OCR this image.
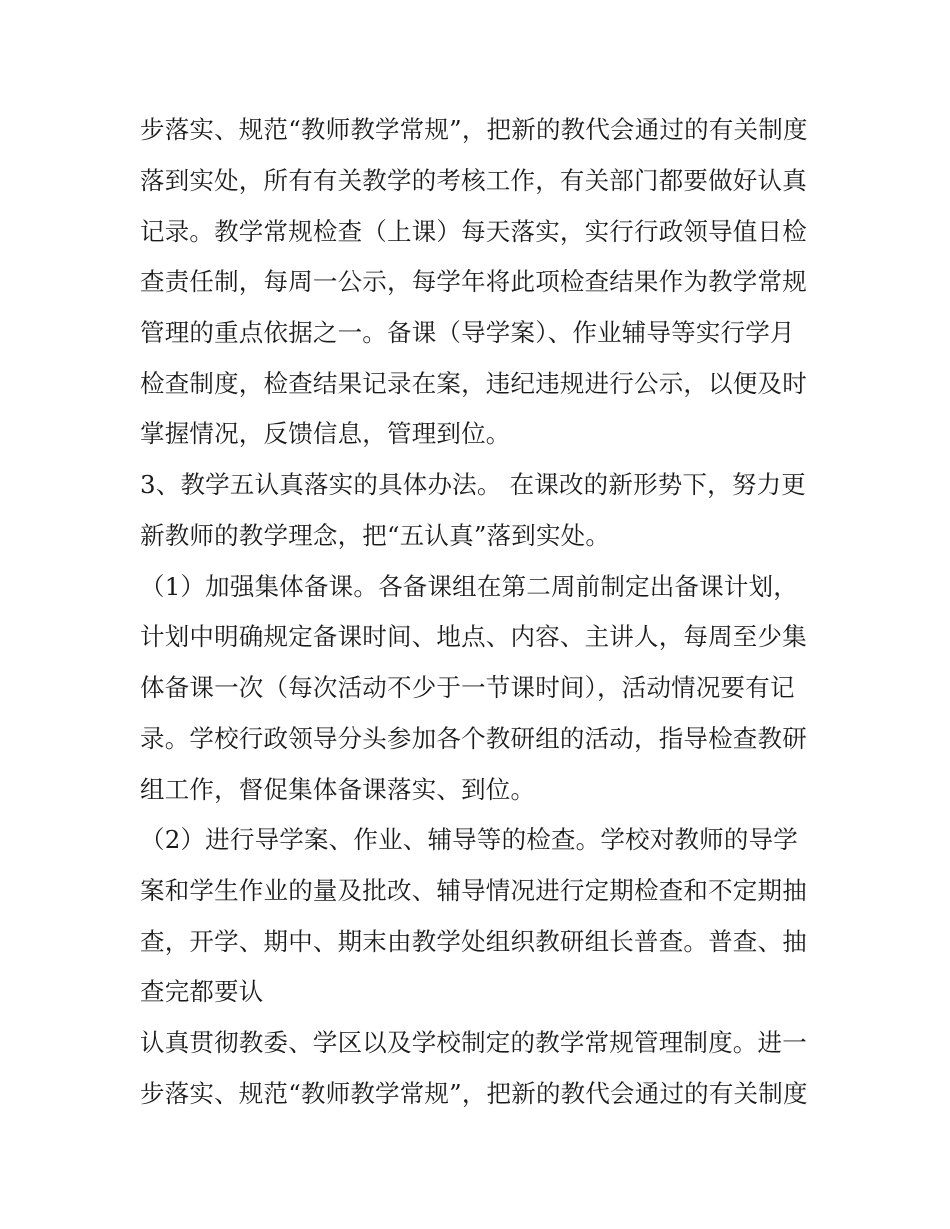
步落实、规范“教师教学常规”，把新的教代会通过的有关制度
落到实处，所有有关教学的考核工作，有关部门都要做好认真
记录。教学常规检查（上课）每天落实，实行行政领导值日检
查责任制，每周一公示，每学年将此项检查结果作为教学常规
管理的重点依据之一。备课（导学案）、作业辅导等实行学月
检查制度，检查结果记录在案，违纪违规进行公示，以便及时
掌握情况，反馈信息，管理到位。
3、教学五认真落实的具体办法。 在课改的新形势下，努力更
新教师的教学理念，把“五认真”落到实处。
（1）加强集体备课。各备课组在第二周前制定出备课计划，
计划中明确规定备课时间、地点、内容、主讲人，每周至少集
体备课一次（每次活动不少于一节课时间），活动情况要有记
录。学校行政领导分头参加各个教研组的活动，指导检查教研
组工作，督促集体备课落实、到位。
（2）进行导学案、作业、辅导等的检查。学校对教师的导学
案和学生作业的量及批改、辅导情况进行定期检查和不定期抽
查，开学、期中、期末由教学处组织教研组长普查。普查、抽
查完都要认
认真贯彻教委、学区以及学校制定的教学常规管理制度。进一
步落实、规范“教师教学常规”，把新的教代会通过的有关制度
